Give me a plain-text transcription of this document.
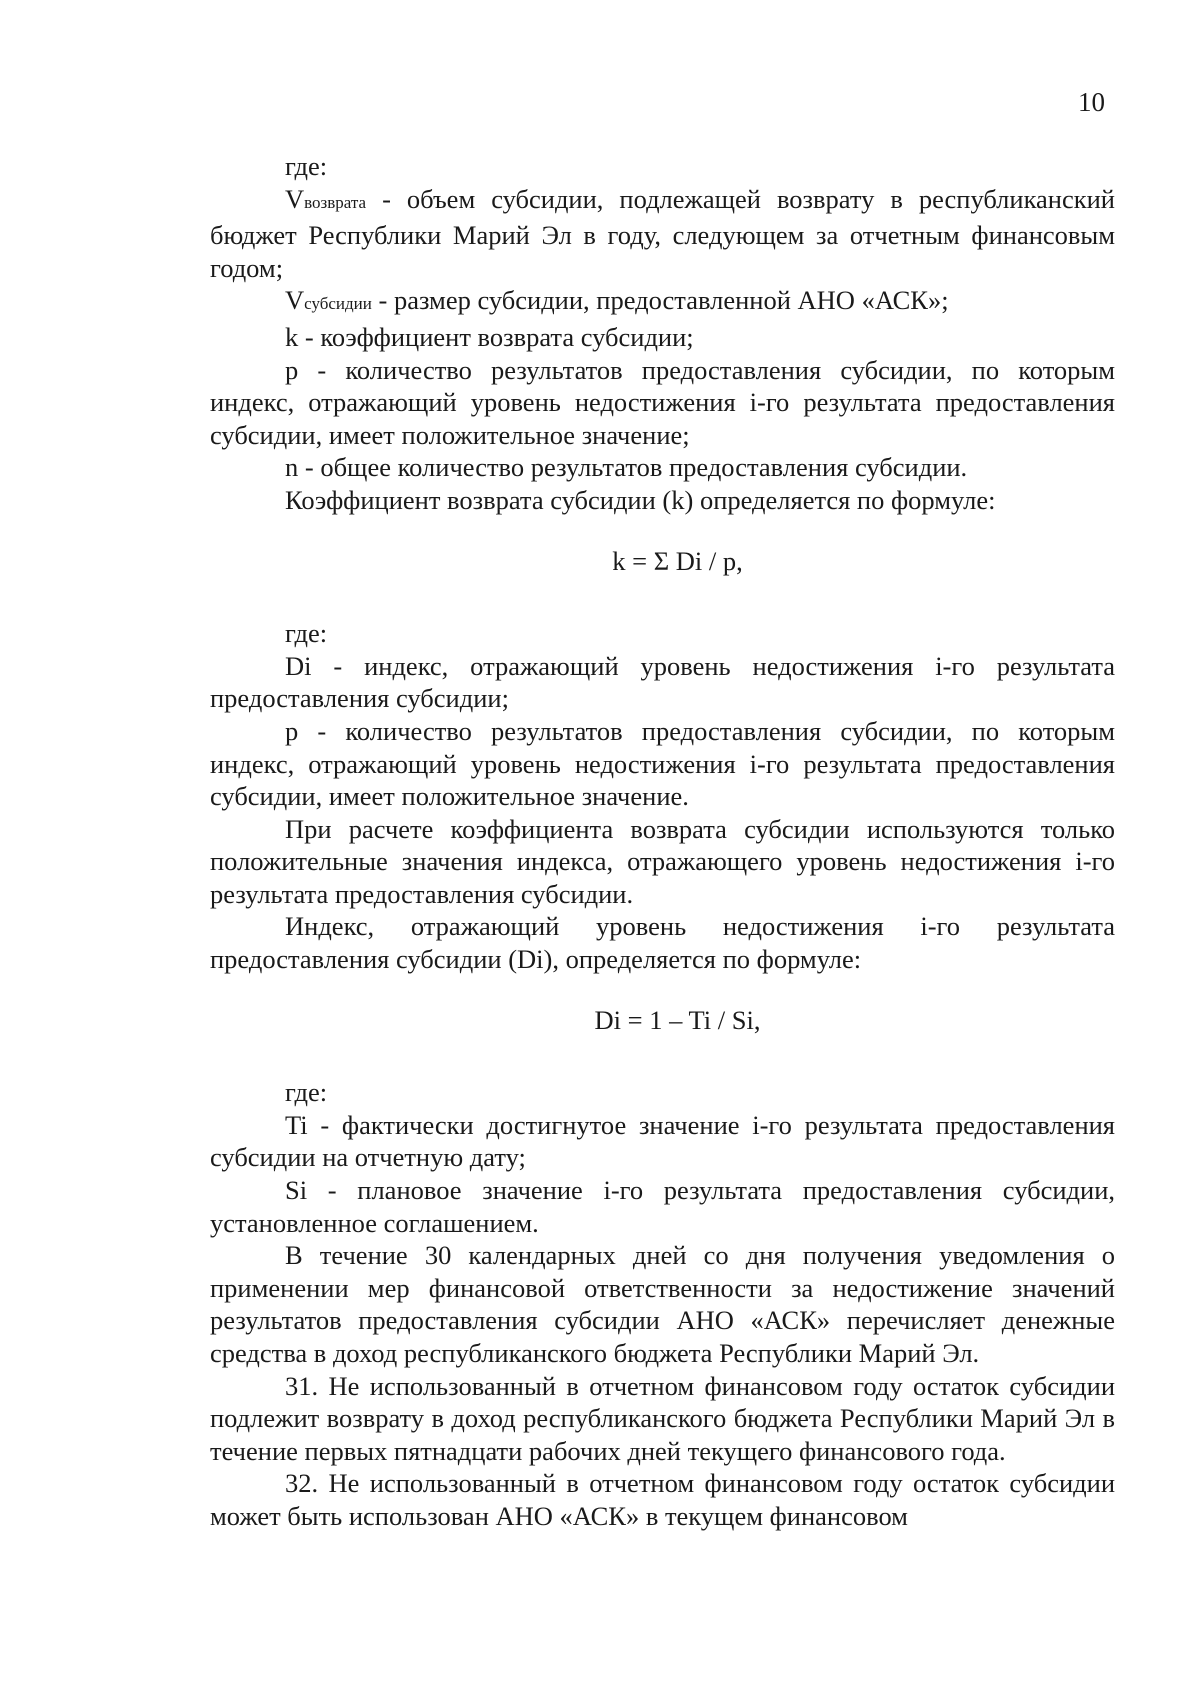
10

где:

Vвозврата - объем субсидии, подлежащей возврату в республиканский бюджет Республики Марий Эл в году, следующем за отчетным финансовым годом;

Vсубсидии - размер субсидии, предоставленной АНО «АСК»;

k - коэффициент возврата субсидии;

p - количество результатов предоставления субсидии, по которым индекс, отражающий уровень недостижения i-го результата предоставления субсидии, имеет положительное значение;

n - общее количество результатов предоставления субсидии.

Коэффициент возврата субсидии (k) определяется по формуле:

k = Σ Di / p,

где:

Di - индекс, отражающий уровень недостижения i-го результата предоставления субсидии;

p - количество результатов предоставления субсидии, по которым индекс, отражающий уровень недостижения i-го результата предоставления субсидии, имеет положительное значение.

При расчете коэффициента возврата субсидии используются только положительные значения индекса, отражающего уровень недостижения i-го результата предоставления субсидии.

Индекс, отражающий уровень недостижения i-го результата предоставления субсидии (Di), определяется по формуле:

Di = 1 – Ti / Si,

где:

Ti - фактически достигнутое значение i-го результата предоставления субсидии на отчетную дату;

Si - плановое значение i-го результата предоставления субсидии, установленное соглашением.

В течение 30 календарных дней со дня получения уведомления о применении мер финансовой ответственности за недостижение значений результатов предоставления субсидии АНО «АСК» перечисляет денежные средства в доход республиканского бюджета Республики Марий Эл.

31. Не использованный в отчетном финансовом году остаток субсидии подлежит возврату в доход республиканского бюджета Республики Марий Эл в течение первых пятнадцати рабочих дней текущего финансового года.

32. Не использованный в отчетном финансовом году остаток субсидии может быть использован АНО «АСК» в текущем финансовом
